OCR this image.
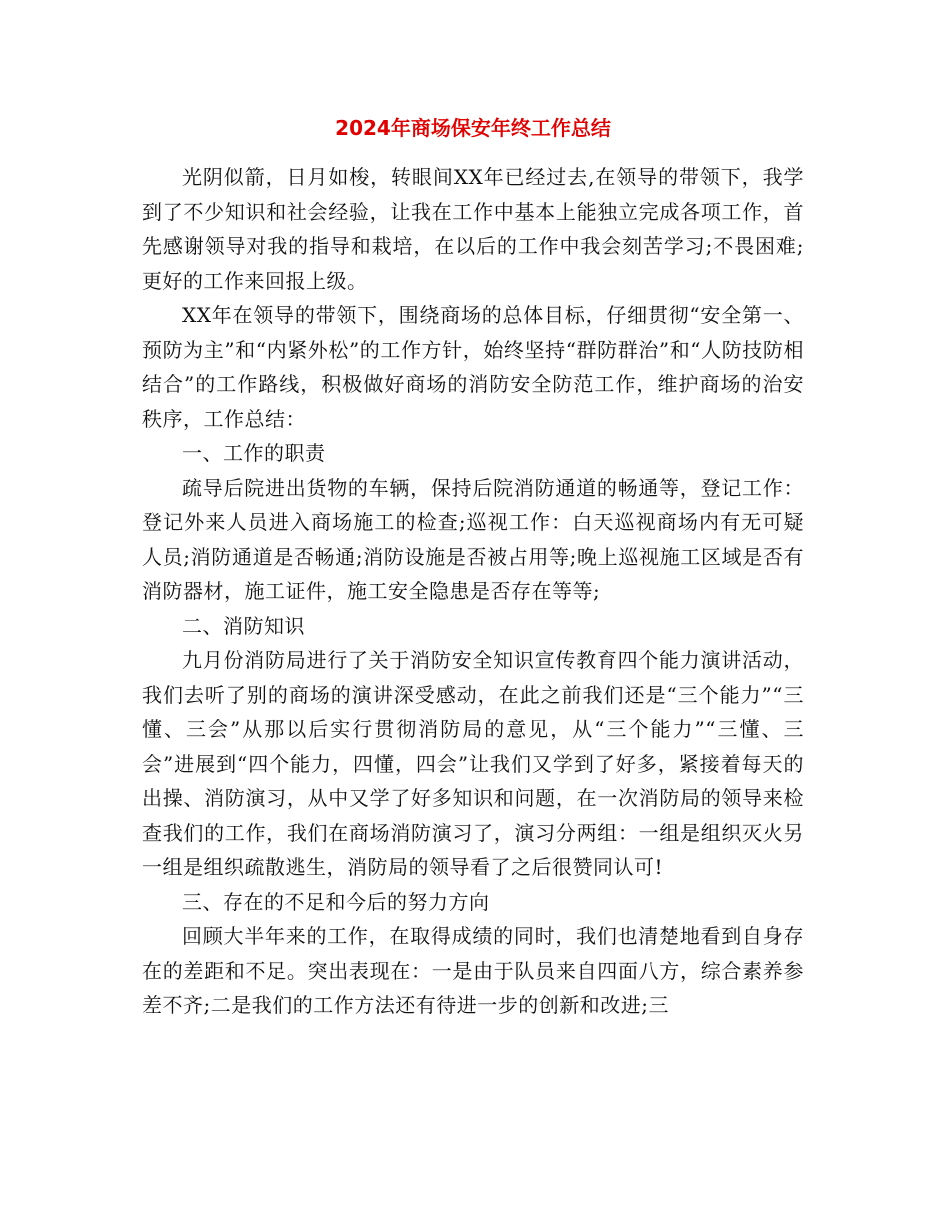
2024年商场保安年终工作总结

光阴似箭，日月如梭，转眼间XX年已经过去,在领导的带领下，我学到了不少知识和社会经验，让我在工作中基本上能独立完成各项工作，首先感谢领导对我的指导和栽培，在以后的工作中我会刻苦学习;不畏困难;更好的工作来回报上级。

XX年在领导的带领下，围绕商场的总体目标，仔细贯彻“安全第一、预防为主”和“内紧外松”的工作方针，始终坚持“群防群治”和“人防技防相结合”的工作路线，积极做好商场的消防安全防范工作，维护商场的治安秩序，工作总结：

一、工作的职责

疏导后院进出货物的车辆，保持后院消防通道的畅通等，登记工作：登记外来人员进入商场施工的检查;巡视工作：白天巡视商场内有无可疑人员;消防通道是否畅通;消防设施是否被占用等;晚上巡视施工区域是否有消防器材，施工证件，施工安全隐患是否存在等等;

二、消防知识

九月份消防局进行了关于消防安全知识宣传教育四个能力演讲活动，我们去听了别的商场的演讲深受感动，在此之前我们还是“三个能力”“三懂、三会”从那以后实行贯彻消防局的意见，从“三个能力”“三懂、三会”进展到“四个能力，四懂，四会”让我们又学到了好多，紧接着每天的出操、消防演习，从中又学了好多知识和问题，在一次消防局的领导来检查我们的工作，我们在商场消防演习了，演习分两组：一组是组织灭火另一组是组织疏散逃生，消防局的领导看了之后很赞同认可!

三、存在的不足和今后的努力方向

回顾大半年来的工作，在取得成绩的同时，我们也清楚地看到自身存在的差距和不足。突出表现在：一是由于队员来自四面八方，综合素养参差不齐;二是我们的工作方法还有待进一步的创新和改进;三
